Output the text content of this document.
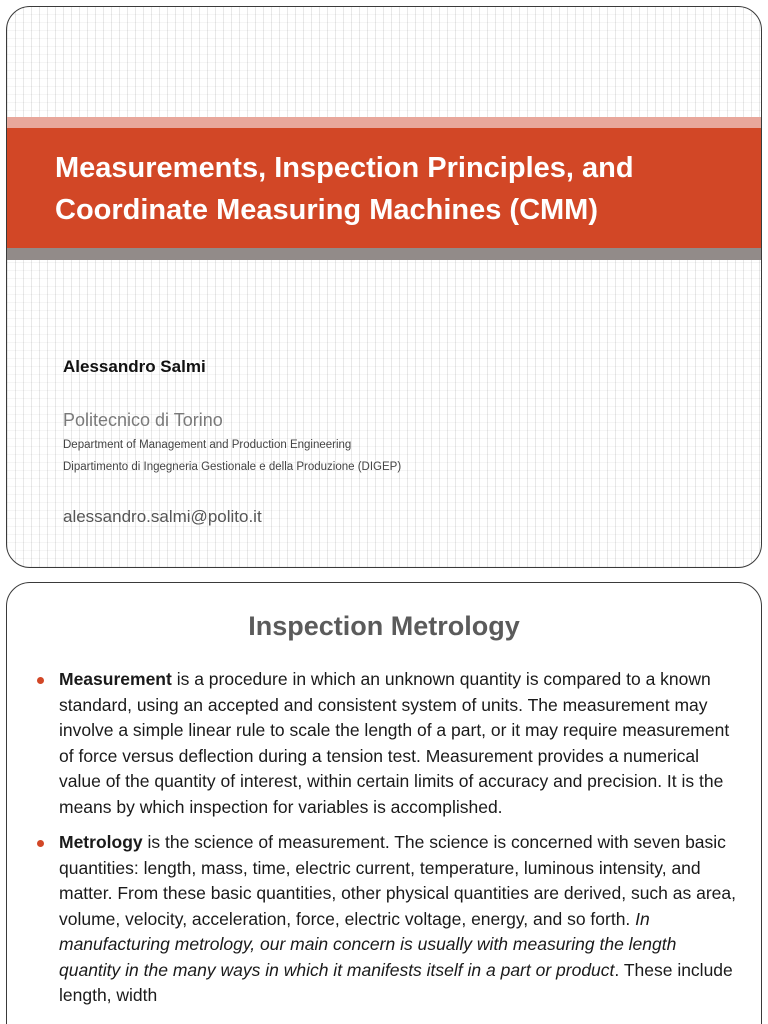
Measurements, Inspection Principles, and Coordinate Measuring Machines (CMM)

Alessandro Salmi

Politecnico di Torino

Department of Management and Production Engineering

Dipartimento di Ingegneria Gestionale e della Produzione (DIGEP)

alessandro.salmi@polito.it

Inspection Metrology
Measurement is a procedure in which an unknown quantity is compared to a known standard, using an accepted and consistent system of units. The measurement may involve a simple linear rule to scale the length of a part, or it may require measurement of force versus deflection during a tension test. Measurement provides a numerical value of the quantity of interest, within certain limits of accuracy and precision. It is the means by which inspection for variables is accomplished.
Metrology is the science of measurement. The science is concerned with seven basic quantities: length, mass, time, electric current, temperature, luminous intensity, and matter. From these basic quantities, other physical quantities are derived, such as area, volume, velocity, acceleration, force, electric voltage, energy, and so forth. In manufacturing metrology, our main concern is usually with measuring the length quantity in the many ways in which it manifests itself in a part or product. These include length, width
